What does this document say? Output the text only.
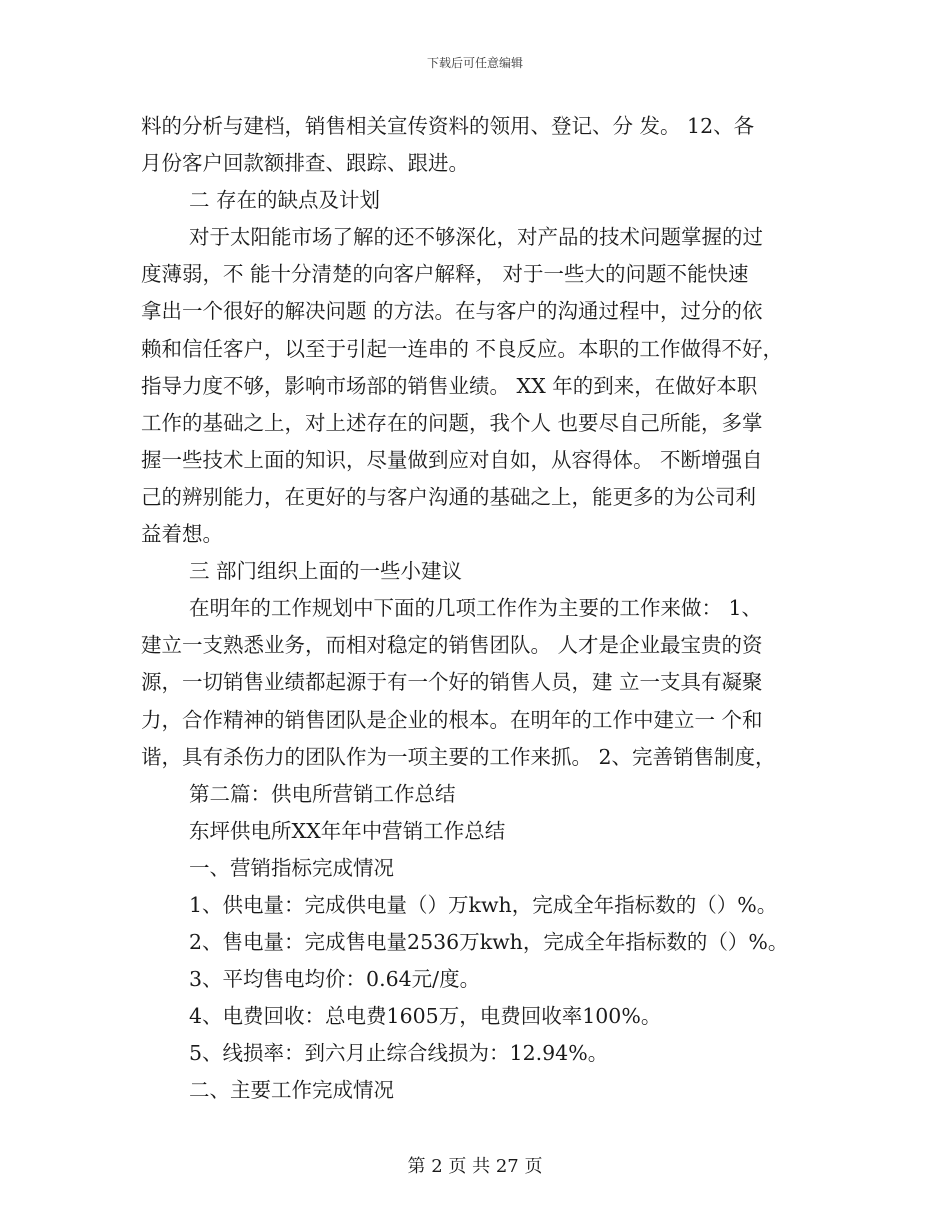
下载后可任意编辑
料的分析与建档，销售相关宣传资料的领用、登记、分 发。 12、各
月份客户回款额排查、跟踪、跟进。
二 存在的缺点及计划
对于太阳能市场了解的还不够深化，对产品的技术问题掌握的过
度薄弱，不 能十分清楚的向客户解释， 对于一些大的问题不能快速
拿出一个很好的解决问题 的方法。在与客户的沟通过程中，过分的依
赖和信任客户，以至于引起一连串的 不良反应。本职的工作做得不好，
指导力度不够，影响市场部的销售业绩。 XX 年的到来，在做好本职
工作的基础之上，对上述存在的问题，我个人 也要尽自己所能，多掌
握一些技术上面的知识，尽量做到应对自如，从容得体。 不断增强自
己的辨别能力，在更好的与客户沟通的基础之上，能更多的为公司利
益着想。
三 部门组织上面的一些小建议
在明年的工作规划中下面的几项工作作为主要的工作来做： 1、
建立一支熟悉业务，而相对稳定的销售团队。 人才是企业最宝贵的资
源，一切销售业绩都起源于有一个好的销售人员，建 立一支具有凝聚
力，合作精神的销售团队是企业的根本。在明年的工作中建立一 个和
谐，具有杀伤力的团队作为一项主要的工作来抓。 2、完善销售制度，
第二篇：供电所营销工作总结
东坪供电所XX年年中营销工作总结
一、营销指标完成情况
1、供电量：完成供电量（）万kwh，完成全年指标数的（）%。
2、售电量：完成售电量2536万kwh，完成全年指标数的（）%。
3、平均售电均价：0.64元/度。
4、电费回收：总电费1605万，电费回收率100%。
5、线损率：到六月止综合线损为：12.94%。
二、主要工作完成情况
第 2 页 共 27 页
